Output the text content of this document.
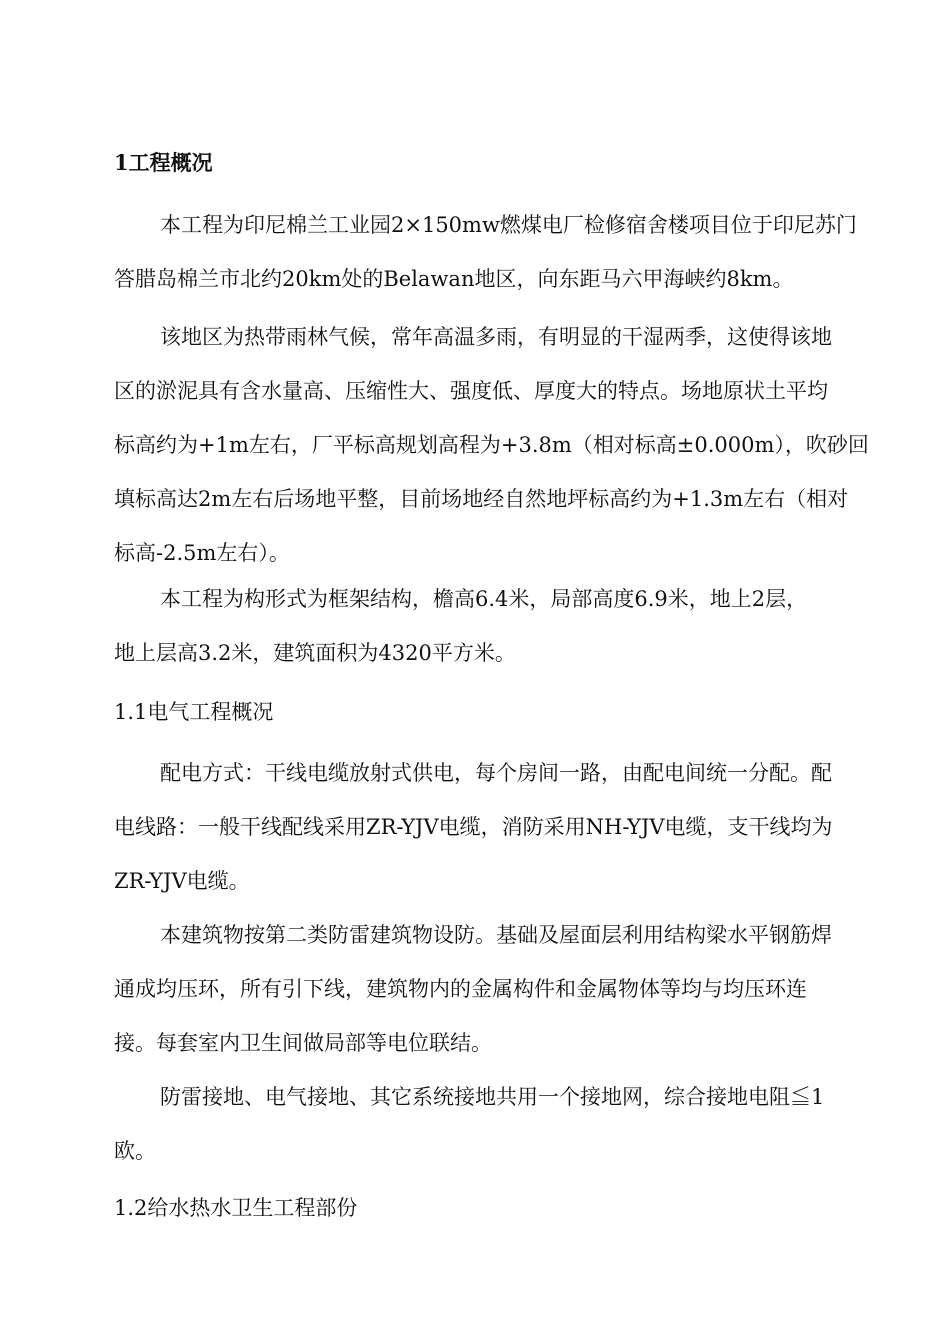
1工程概况
本工程为印尼棉兰工业园2×150mw燃煤电厂检修宿舍楼项目位于印尼苏门
答腊岛棉兰市北约20km处的Belawan地区，向东距马六甲海峡约8km。
该地区为热带雨林气候，常年高温多雨，有明显的干湿两季，这使得该地
区的淤泥具有含水量高、压缩性大、强度低、厚度大的特点。场地原状土平均
标高约为+1m左右，厂平标高规划高程为+3.8m（相对标高±0.000m），吹砂回
填标高达2m左右后场地平整，目前场地经自然地坪标高约为+1.3m左右（相对
标高-2.5m左右）。
本工程为构形式为框架结构，檐高6.4米，局部高度6.9米，地上2层，
地上层高3.2米，建筑面积为4320平方米。
1.1电气工程概况
配电方式：干线电缆放射式供电，每个房间一路，由配电间统一分配。配
电线路：一般干线配线采用ZR-YJV电缆，消防采用NH-YJV电缆，支干线均为
ZR-YJV电缆。
本建筑物按第二类防雷建筑物设防。基础及屋面层利用结构梁水平钢筋焊
通成均压环，所有引下线，建筑物内的金属构件和金属物体等均与均压环连
接。每套室内卫生间做局部等电位联结。
防雷接地、电气接地、其它系统接地共用一个接地网，综合接地电阻≦1
欧。
1.2给水热水卫生工程部份
